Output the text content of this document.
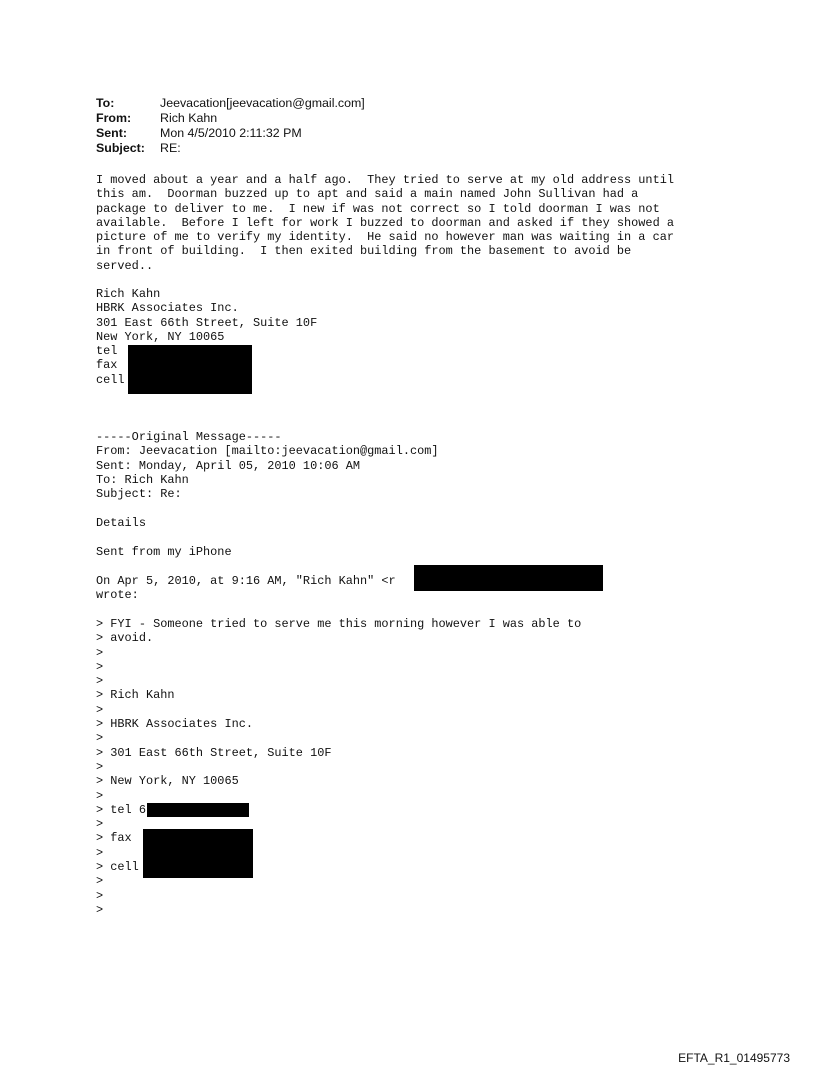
To:	Jeevacation[jeevacation@gmail.com]
From:	Rich Kahn
Sent:	Mon 4/5/2010 2:11:32 PM
Subject:	RE:
I moved about a year and a half ago.  They tried to serve at my old address until
this am.  Doorman buzzed up to apt and said a main named John Sullivan had a
package to deliver to me.  I new if was not correct so I told doorman I was not
available.  Before I left for work I buzzed to doorman and asked if they showed a
picture of me to verify my identity.  He said no however man was waiting in a car
in front of building.  I then exited building from the basement to avoid be
served..
Rich Kahn
HBRK Associates Inc.
301 East 66th Street, Suite 10F
New York, NY 10065
tel
fax
cell
-----Original Message-----
From: Jeevacation [mailto:jeevacation@gmail.com]
Sent: Monday, April 05, 2010 10:06 AM
To: Rich Kahn
Subject: Re:
Details
Sent from my iPhone
On Apr 5, 2010, at 9:16 AM, "Rich Kahn" <r
wrote:
> FYI - Someone tried to serve me this morning however I was able to
> avoid.
>
>
>
> Rich Kahn
>
> HBRK Associates Inc.
>
> 301 East 66th Street, Suite 10F
>
> New York, NY 10065
>
> tel 6
>
> fax
>
> cell
>
>
>
EFTA_R1_01495773
